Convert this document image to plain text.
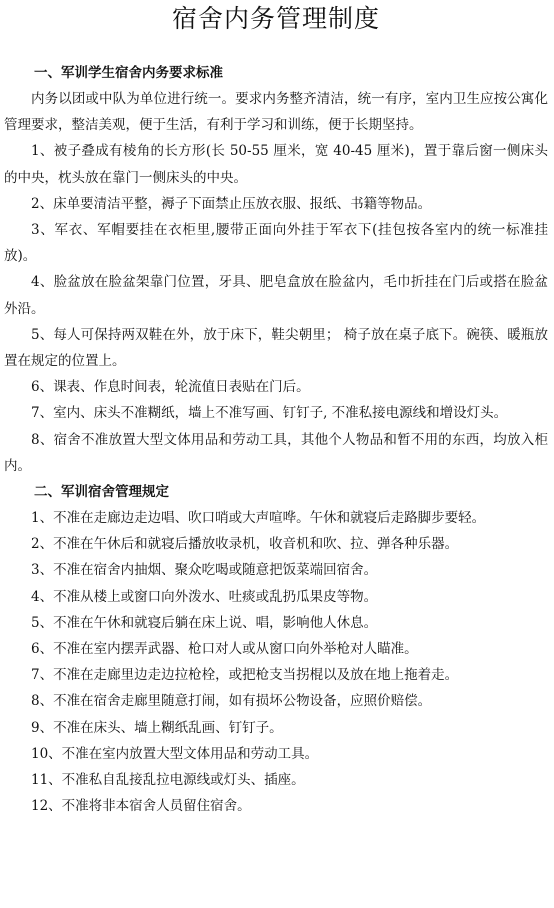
宿舍内务管理制度
一、军训学生宿舍内务要求标准

内务以团或中队为单位进行统一。要求内务整齐清洁，统一有序，室内卫生应按公寓化管理要求，整洁美观，便于生活，有利于学习和训练，便于长期坚持。

1、被子叠成有棱角的长方形(长 50-55 厘米，宽 40-45 厘米)，置于靠后窗一侧床头的中央，枕头放在靠门一侧床头的中央。

2、床单要清洁平整，褥子下面禁止压放衣服、报纸、书籍等物品。

3、军衣、军帽要挂在衣柜里,腰带正面向外挂于军衣下(挂包按各室内的统一标准挂放)。

4、脸盆放在脸盆架靠门位置，牙具、肥皂盒放在脸盆内，毛巾折挂在门后或搭在脸盆外沿。

5、每人可保持两双鞋在外，放于床下，鞋尖朝里； 椅子放在桌子底下。碗筷、暖瓶放置在规定的位置上。

6、课表、作息时间表，轮流值日表贴在门后。

7、室内、床头不准糊纸，墙上不准写画、钉钉子, 不准私接电源线和增设灯头。

8、宿舍不准放置大型文体用品和劳动工具，其他个人物品和暂不用的东西，均放入柜内。

二、军训宿舍管理规定

1、不准在走廊边走边唱、吹口哨或大声喧哗。午休和就寝后走路脚步要轻。

2、不准在午休后和就寝后播放收录机，收音机和吹、拉、弹各种乐器。

3、不准在宿舍内抽烟、聚众吃喝或随意把饭菜端回宿舍。

4、不准从楼上或窗口向外泼水、吐痰或乱扔瓜果皮等物。

5、不准在午休和就寝后躺在床上说、唱，影响他人休息。

6、不准在室内摆弄武器、枪口对人或从窗口向外举枪对人瞄准。

7、不准在走廊里边走边拉枪栓，或把枪支当拐棍以及放在地上拖着走。

8、不准在宿舍走廊里随意打闹，如有损坏公物设备，应照价赔偿。

9、不准在床头、墙上糊纸乱画、钉钉子。

10、不准在室内放置大型文体用品和劳动工具。

11、不准私自乱接乱拉电源线或灯头、插座。

12、不准将非本宿舍人员留住宿舍。
